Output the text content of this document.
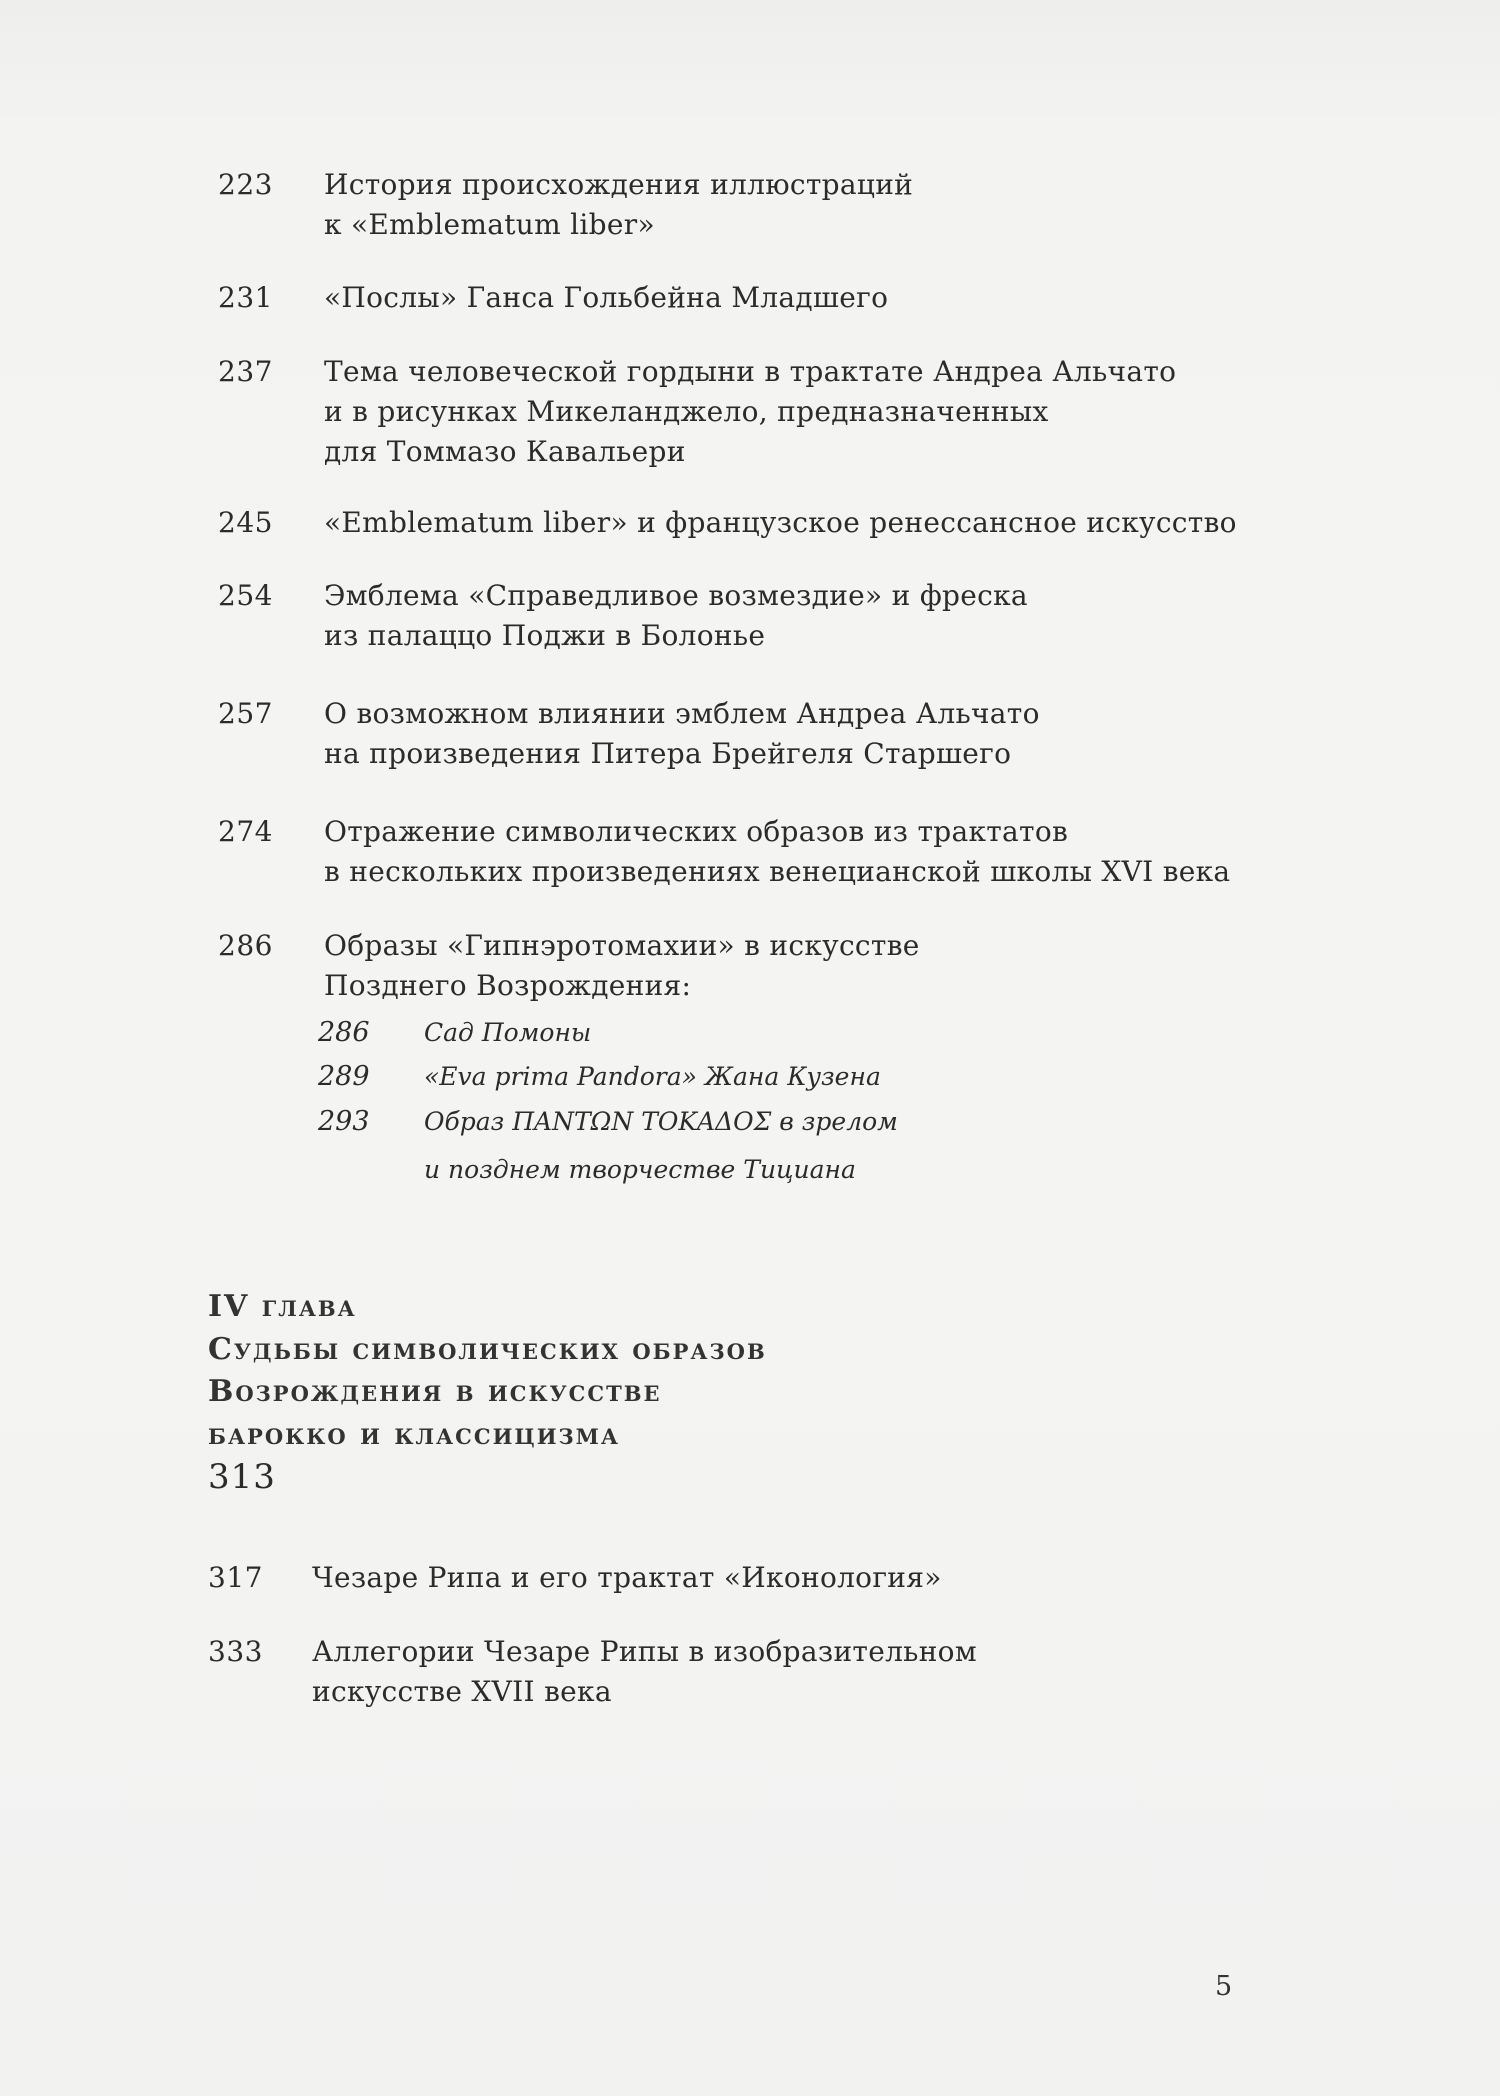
223 История происхождения иллюстраций
к «Emblematum liber»
231 «Послы» Ганса Гольбейна Младшего
237 Тема человеческой гордыни в трактате Андреа Альчато
и в рисунках Микеланджело, предназначенных
для Томмазо Кавальери
245 «Emblematum liber» и французское ренессансное искусство
254 Эмблема «Справедливое возмездие» и фреска
из палаццо Поджи в Болонье
257 О возможном влиянии эмблем Андреа Альчато
на произведения Питера Брейгеля Старшего
274 Отражение символических образов из трактатов
в нескольких произведениях венецианской школы XVI века
286 Образы «Гипнэротомахии» в искусстве
Позднего Возрождения:
286 Сад Помоны
289 «Eva prima Pandora» Жана Кузена
293 Образ ΠΑΝΤΩΝ ΤΟΚΑΔΟΣ в зрелом
и позднем творчестве Тициана
IV глава
Судьбы символических образов
Возрождения в искусстве
барокко и классицизма
313
317 Чезаре Рипа и его трактат «Иконология»
333 Аллегории Чезаре Рипы в изобразительном
искусстве XVII века
5
